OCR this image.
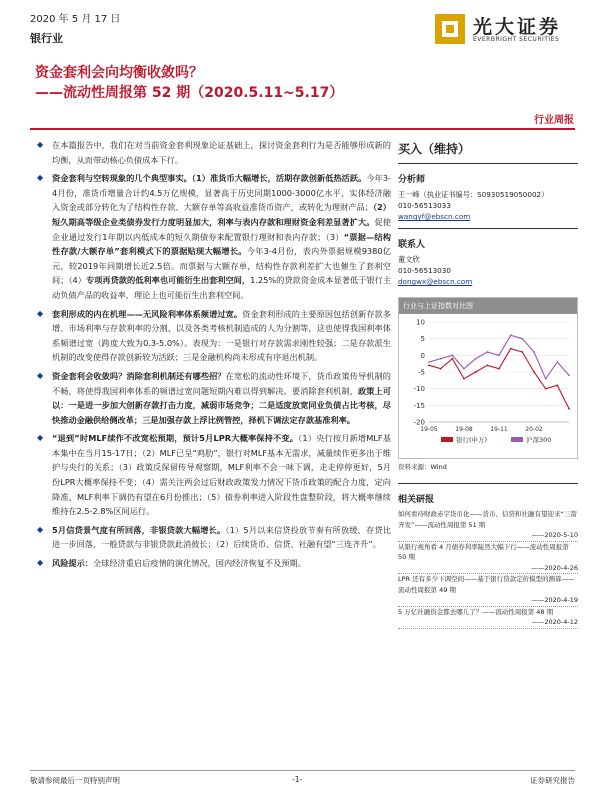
2020 年 5 月 17 日
银行业
光大证券
EVERBRIGHT SECURITIES
资金套利会向均衡收敛吗？
——流动性周报第 52 期（2020.5.11~5.17）
行业周报
◆ 在本篇报告中，我们在对当前资金套利现象论证基础上，探讨资金套利行为是否能够形成新的均衡，从而带动核心负债成本下行。
◆ 资金套利与空转现象的几个典型事实。（1）准货币大幅增长，活期存款创新低热活跃。今年3-4月份，准货币增量合计约4.5万亿规模，显著高于历史同期1000-3000亿水平，实体经济融入资金或部分转化为了结构性存款、大额存单等高收益准货币资产，或转化为理财产品；（2）短久期高等级企业类债券发行力度明显加大，利率与表内存款和理财资金利差显著扩大。促使企业通过发行1年期以内低成本的短久期债券来配置银行理财和表内存款；（3）“票据—结构性存款/大额存单”套利模式下的票据贴现大幅增长。今年3-4月份，表内外票据规模9380亿元，较2019年同期增长近2.5倍。而票据与大额存单，结构性存款利差扩大也催生了套利空间；（4）专项再贷款的低利率也可能衍生出套利空间，1.25%的贷款资金成本显著低于银行主动负债产品的收益率，理论上也可能衍生出套利空间。
◆ 套利形成的内在机理——无风险利率体系频谱过宽。资金套利形成的主要原因包括创新存款多增、市场利率与存款利率的分割、以及各类考核机制造成的人为分割等，这也使得我国利率体系频谱过宽（跨度大致为0.3-5.0%）。表现为：一是银行对存款需求刚性较强；二是存款派生机制的改变使得存款创新较为活跃；三是金融机构尚未形成有序退出机制。
◆ 资金套利会收敛吗？消除套利机制还有哪些招？在宽松的流动性环境下，货币政策传导机制的不畅，将使得我国利率体系的频谱过宽问题短期内难以得到解决。要消除套利机制，政策上可以：一是进一步加大创新存款打击力度，减弱市场竞争；二是适度放宽同业负债占比考核，尽快推动金融供给侧改革；三是加强存款上浮比例管控，择机下调法定存款基准利率。
◆ “退到”时MLF续作不改宽松预期，预计5月LPR大概率保持不变。（1）央行按月新增MLF基本集中在当月15-17日；（2）MLF已呈“鸡肋”，银行对MLF基本无需求，减量续作更多出于维护与央行的关系；（3）政策反保留传导观察期，MLF利率不会一味下调，走走停停更好，5月份LPR大概率保持不变；（4）需关注两会过后财政政策发力情况下货币政策的配合力度，定向降准、MLF利率下调仍有望在6月份推出；（5）债券利率进入阶段性盘整阶段，将大概率继续维持在2.5-2.8%区间运行。
◆ 5月信贷景气度有所回落，非银贷款大幅增长。（1）5月以来信贷投放节奏有所放缓，存贷比进一步回落，一般贷款与非银贷款此消彼长；（2）后续货币、信贷、社融有望“三连齐升”。
◆ 风险提示：全球经济重启后疫情的演化情况，国内经济恢复不及预期。
买入（维持）
分析师
王一峰（执业证书编号：S0930519050002）
010-56513033
wangyf@ebscn.com
联系人
董文欣
010-56513030
dongwx@ebscn.com
行业与上证指数对比图
10
5
0
-5
-10
-15
-20
19-05	19-08	19-11	20-02
银行(申万)	沪深300
资料来源：Wind
相关研报
如何看待财政赤字货币化——货币、信贷和社融有望迎来“三箭齐发”——流动性周报第 51 期
——2020-5-10
从银行视角看 4 月债券利率陡然大幅下行——流动性周报第 50 期
——2020-4-26
LPR 还有多少下调空间——基于银行贷款定价模型的测算——流动性周报第 49 期
——2020-4-19
5 万亿社融资金都去哪儿了？——流动性周报第 48 期
——2020-4-12
敬请参阅最后一页特别声明	-1-	证券研究报告
